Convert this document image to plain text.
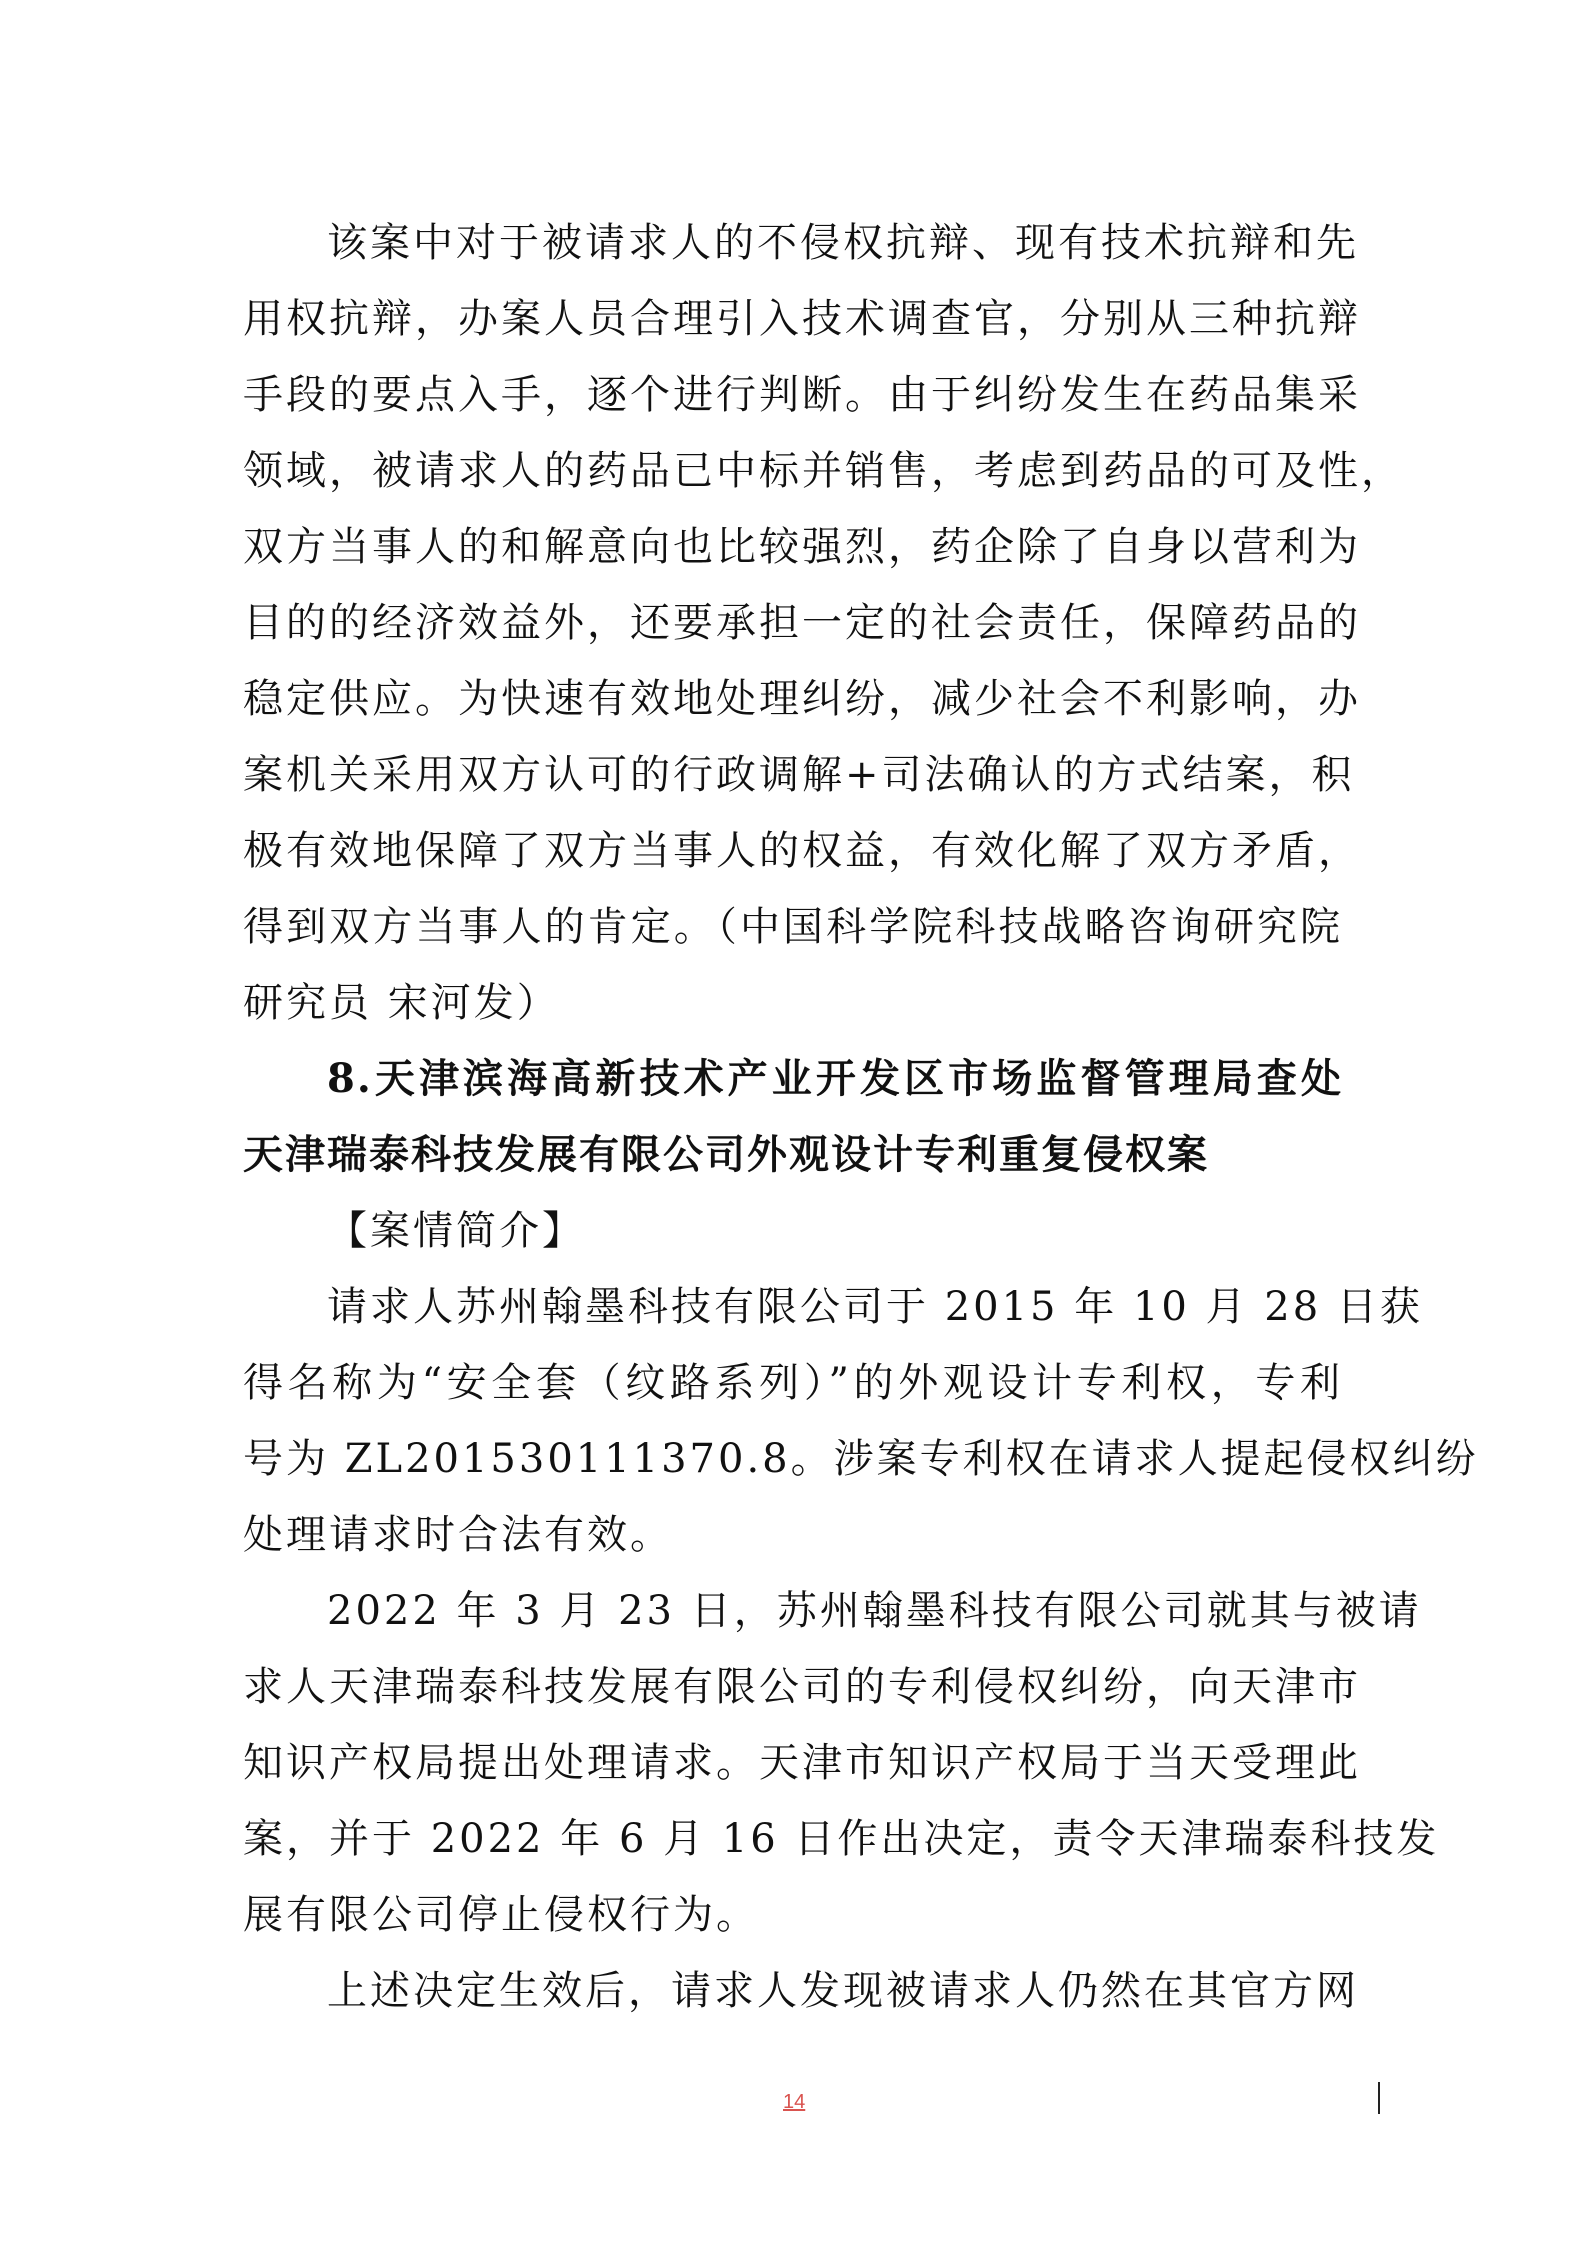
该案中对于被请求人的不侵权抗辩、现有技术抗辩和先
用权抗辩，办案人员合理引入技术调查官，分别从三种抗辩
手段的要点入手，逐个进行判断。由于纠纷发生在药品集采
领域，被请求人的药品已中标并销售，考虑到药品的可及性，
双方当事人的和解意向也比较强烈，药企除了自身以营利为
目的的经济效益外，还要承担一定的社会责任，保障药品的
稳定供应。为快速有效地处理纠纷，减少社会不利影响，办
案机关采用双方认可的行政调解+司法确认的方式结案，积
极有效地保障了双方当事人的权益，有效化解了双方矛盾，
得到双方当事人的肯定。（中国科学院科技战略咨询研究院
研究员 宋河发）
8.天津滨海高新技术产业开发区市场监督管理局查处
天津瑞泰科技发展有限公司外观设计专利重复侵权案
【案情简介】
请求人苏州翰墨科技有限公司于 2015 年 10 月 28 日获
得名称为“安全套（纹路系列）”的外观设计专利权，专利
号为 ZL201530111370.8。涉案专利权在请求人提起侵权纠纷
处理请求时合法有效。
2022 年 3 月 23 日，苏州翰墨科技有限公司就其与被请
求人天津瑞泰科技发展有限公司的专利侵权纠纷，向天津市
知识产权局提出处理请求。天津市知识产权局于当天受理此
案，并于 2022 年 6 月 16 日作出决定，责令天津瑞泰科技发
展有限公司停止侵权行为。
上述决定生效后，请求人发现被请求人仍然在其官方网
14
